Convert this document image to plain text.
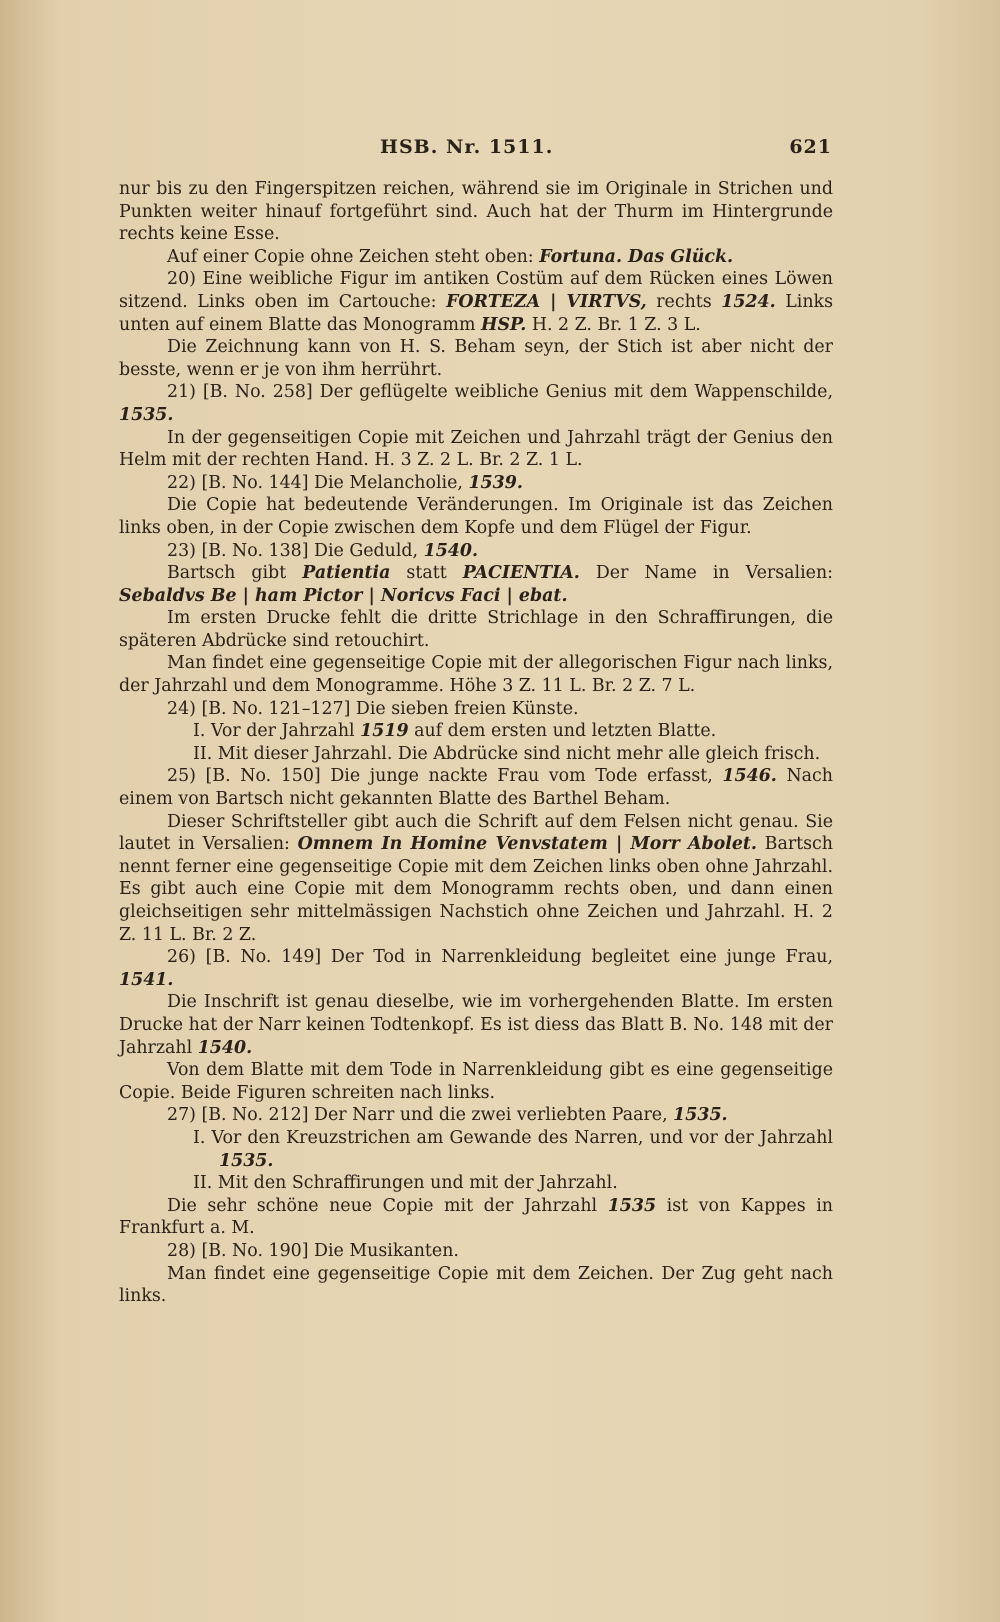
HSB. Nr. 1511.	621

nur bis zu den Fingerspitzen reichen, während sie im Originale in Strichen und Punkten weiter hinauf fortgeführt sind. Auch hat der Thurm im Hintergrunde rechts keine Esse.

Auf einer Copie ohne Zeichen steht oben: Fortuna. Das Glück.

20) Eine weibliche Figur im antiken Costüm auf dem Rücken eines Löwen sitzend. Links oben im Cartouche: FORTEZA | VIRTVS, rechts 1524. Links unten auf einem Blatte das Monogramm HSP. H. 2 Z. Br. 1 Z. 3 L.

Die Zeichnung kann von H. S. Beham seyn, der Stich ist aber nicht der besste, wenn er je von ihm herrührt.

21) [B. No. 258] Der geflügelte weibliche Genius mit dem Wappenschilde, 1535.

In der gegenseitigen Copie mit Zeichen und Jahrzahl trägt der Genius den Helm mit der rechten Hand. H. 3 Z. 2 L. Br. 2 Z. 1 L.

22) [B. No. 144] Die Melancholie, 1539.

Die Copie hat bedeutende Veränderungen. Im Originale ist das Zeichen links oben, in der Copie zwischen dem Kopfe und dem Flügel der Figur.

23) [B. No. 138] Die Geduld, 1540.

Bartsch gibt Patientia statt PACIENTIA. Der Name in Versalien: Sebaldvs Be | ham Pictor | Noricvs Faci | ebat.

Im ersten Drucke fehlt die dritte Strichlage in den Schraffirungen, die späteren Abdrücke sind retouchirt.

Man findet eine gegenseitige Copie mit der allegorischen Figur nach links, der Jahrzahl und dem Monogramme. Höhe 3 Z. 11 L. Br. 2 Z. 7 L.

24) [B. No. 121–127] Die sieben freien Künste.

I. Vor der Jahrzahl 1519 auf dem ersten und letzten Blatte.

II. Mit dieser Jahrzahl. Die Abdrücke sind nicht mehr alle gleich frisch.

25) [B. No. 150] Die junge nackte Frau vom Tode erfasst, 1546. Nach einem von Bartsch nicht gekannten Blatte des Barthel Beham.

Dieser Schriftsteller gibt auch die Schrift auf dem Felsen nicht genau. Sie lautet in Versalien: Omnem In Homine Venvstatem | Morr Abolet. Bartsch nennt ferner eine gegenseitige Copie mit dem Zeichen links oben ohne Jahrzahl. Es gibt auch eine Copie mit dem Monogramm rechts oben, und dann einen gleichseitigen sehr mittelmässigen Nachstich ohne Zeichen und Jahrzahl. H. 2 Z. 11 L. Br. 2 Z.

26) [B. No. 149] Der Tod in Narrenkleidung begleitet eine junge Frau, 1541.

Die Inschrift ist genau dieselbe, wie im vorhergehenden Blatte. Im ersten Drucke hat der Narr keinen Todtenkopf. Es ist diess das Blatt B. No. 148 mit der Jahrzahl 1540.

Von dem Blatte mit dem Tode in Narrenkleidung gibt es eine gegenseitige Copie. Beide Figuren schreiten nach links.

27) [B. No. 212] Der Narr und die zwei verliebten Paare, 1535.

I. Vor den Kreuzstrichen am Gewande des Narren, und vor der Jahrzahl 1535.

II. Mit den Schraffirungen und mit der Jahrzahl.

Die sehr schöne neue Copie mit der Jahrzahl 1535 ist von Kappes in Frankfurt a. M.

28) [B. No. 190] Die Musikanten.

Man findet eine gegenseitige Copie mit dem Zeichen. Der Zug geht nach links.
